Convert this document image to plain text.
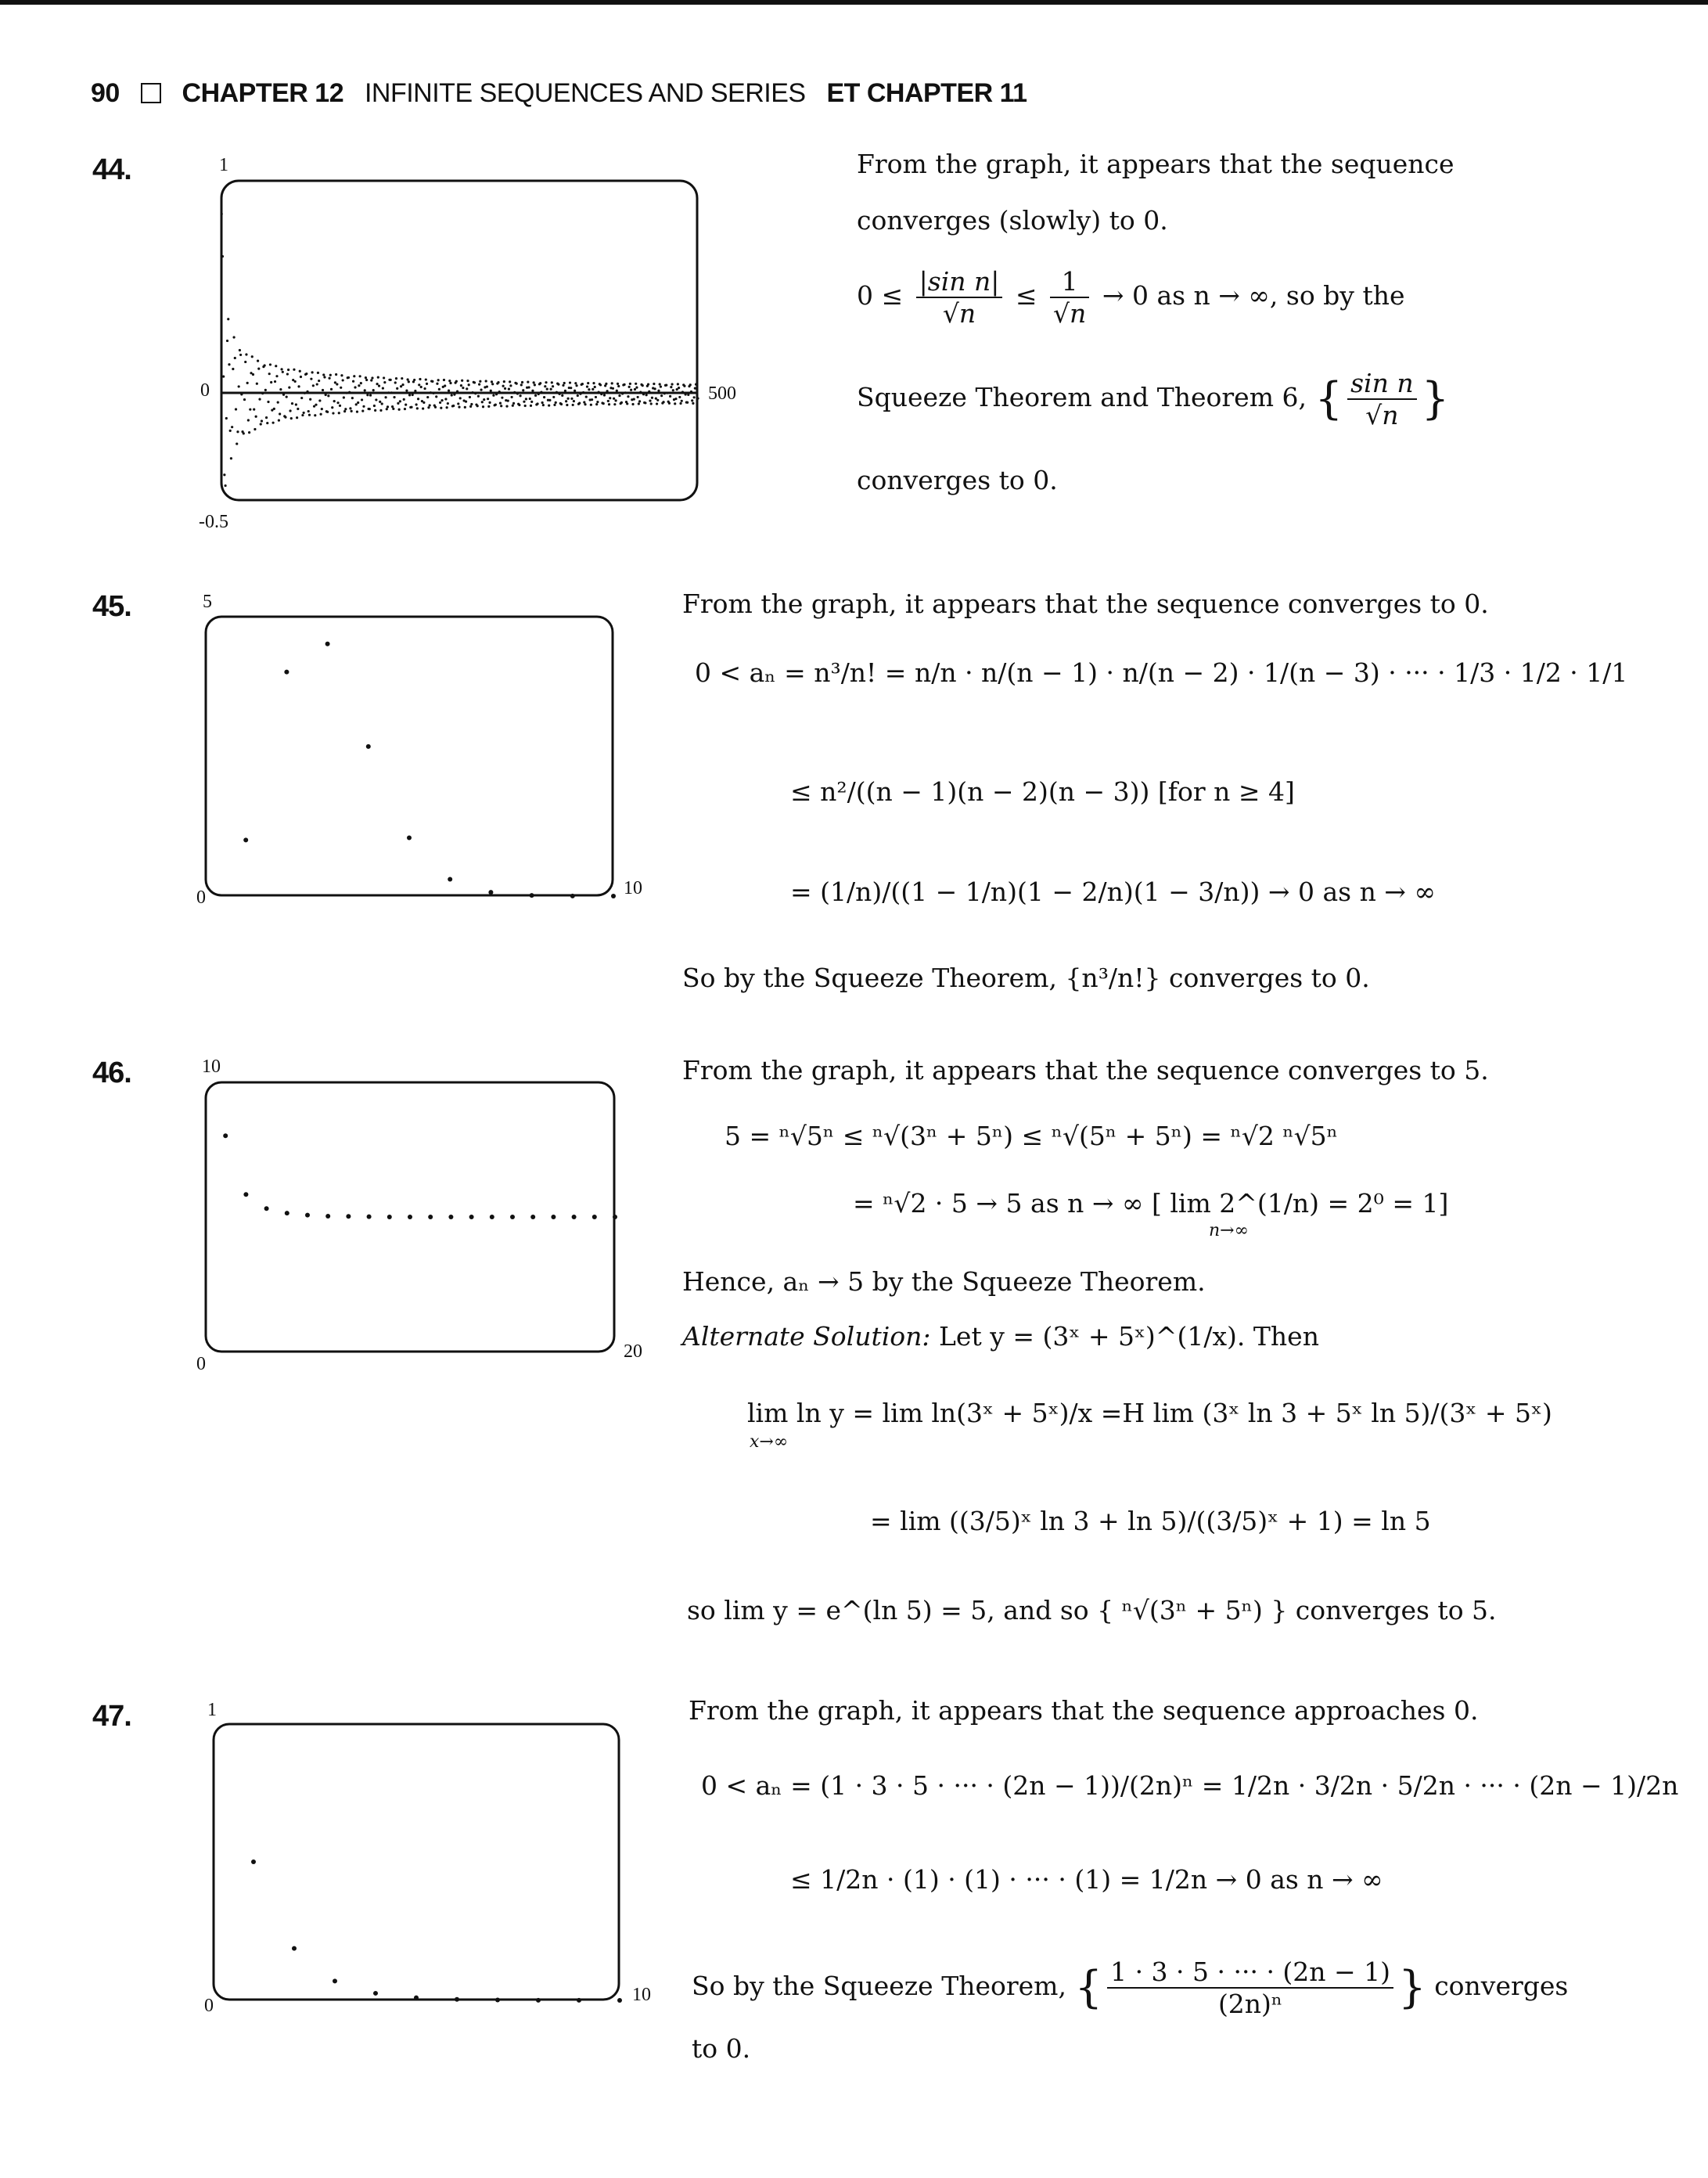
90 CHAPTER 12 INFINITE SEQUENCES AND SERIES ET CHAPTER 11
44.	1
0
-0.5
500
From the graph, it appears that the sequence
converges (slowly) to 0.
$0 \le \frac{\text{|sin n|}}{√n} \le \frac{1}{√n} \to 0$ as n → ∞, so by the
Squeeze Theorem and Theorem 6, { $\frac{\text{sin n}}{√n}$ }
converges to 0.
45.	5
0	10
From the graph, it appears that the sequence converges to 0.
0 < aₙ = n³/n! = n/n · n/(n − 1) · n/(n − 2) · 1/(n − 3) · ··· · 1/3 · 1/2 · 1/1
≤ n²/((n − 1)(n − 2)(n − 3)) [for n ≥ 4]
= (1/n)/((1 − 1/n)(1 − 2/n)(1 − 3/n)) → 0 as n → ∞
So by the Squeeze Theorem, {n³/n!} converges to 0.
46.	10
0
20
From the graph, it appears that the sequence converges to 5.
5 = ⁿ√5ⁿ ≤ ⁿ√(3ⁿ + 5ⁿ) ≤ ⁿ√(5ⁿ + 5ⁿ) = ⁿ√2 ⁿ√5ⁿ
= ⁿ√2 · 5 → 5 as n → ∞ [ lim 2^(1/n) = 2⁰ = 1]
n→∞
Hence, aₙ → 5 by the Squeeze Theorem.
Alternate Solution: Let y = (3ˣ + 5ˣ)^(1/x). Then
lim ln y = lim ln(3ˣ + 5ˣ)/x =H lim (3ˣ ln 3 + 5ˣ ln 5)/(3ˣ + 5ˣ)
x→∞
= lim ((3/5)ˣ ln 3 + ln 5)/((3/5)ˣ + 1) = ln 5
so lim y = e^(ln 5) = 5, and so { ⁿ√(3ⁿ + 5ⁿ) } converges to 5.
47.	1
0
10
From the graph, it appears that the sequence approaches 0.
0 < aₙ = (1 · 3 · 5 · ··· · (2n − 1))/(2n)ⁿ = 1/2n · 3/2n · 5/2n · ··· · (2n − 1)/2n
≤ 1/2n · (1) · (1) · ··· · (1) = 1/2n → 0 as n → ∞
So by the Squeeze Theorem, { $\frac{1 \cdot 3 \cdot 5 \cdot \cdot\cdot\cdot \cdot (2n - 1)}{\text{(2n)ⁿ}}$ } converges
to 0.
